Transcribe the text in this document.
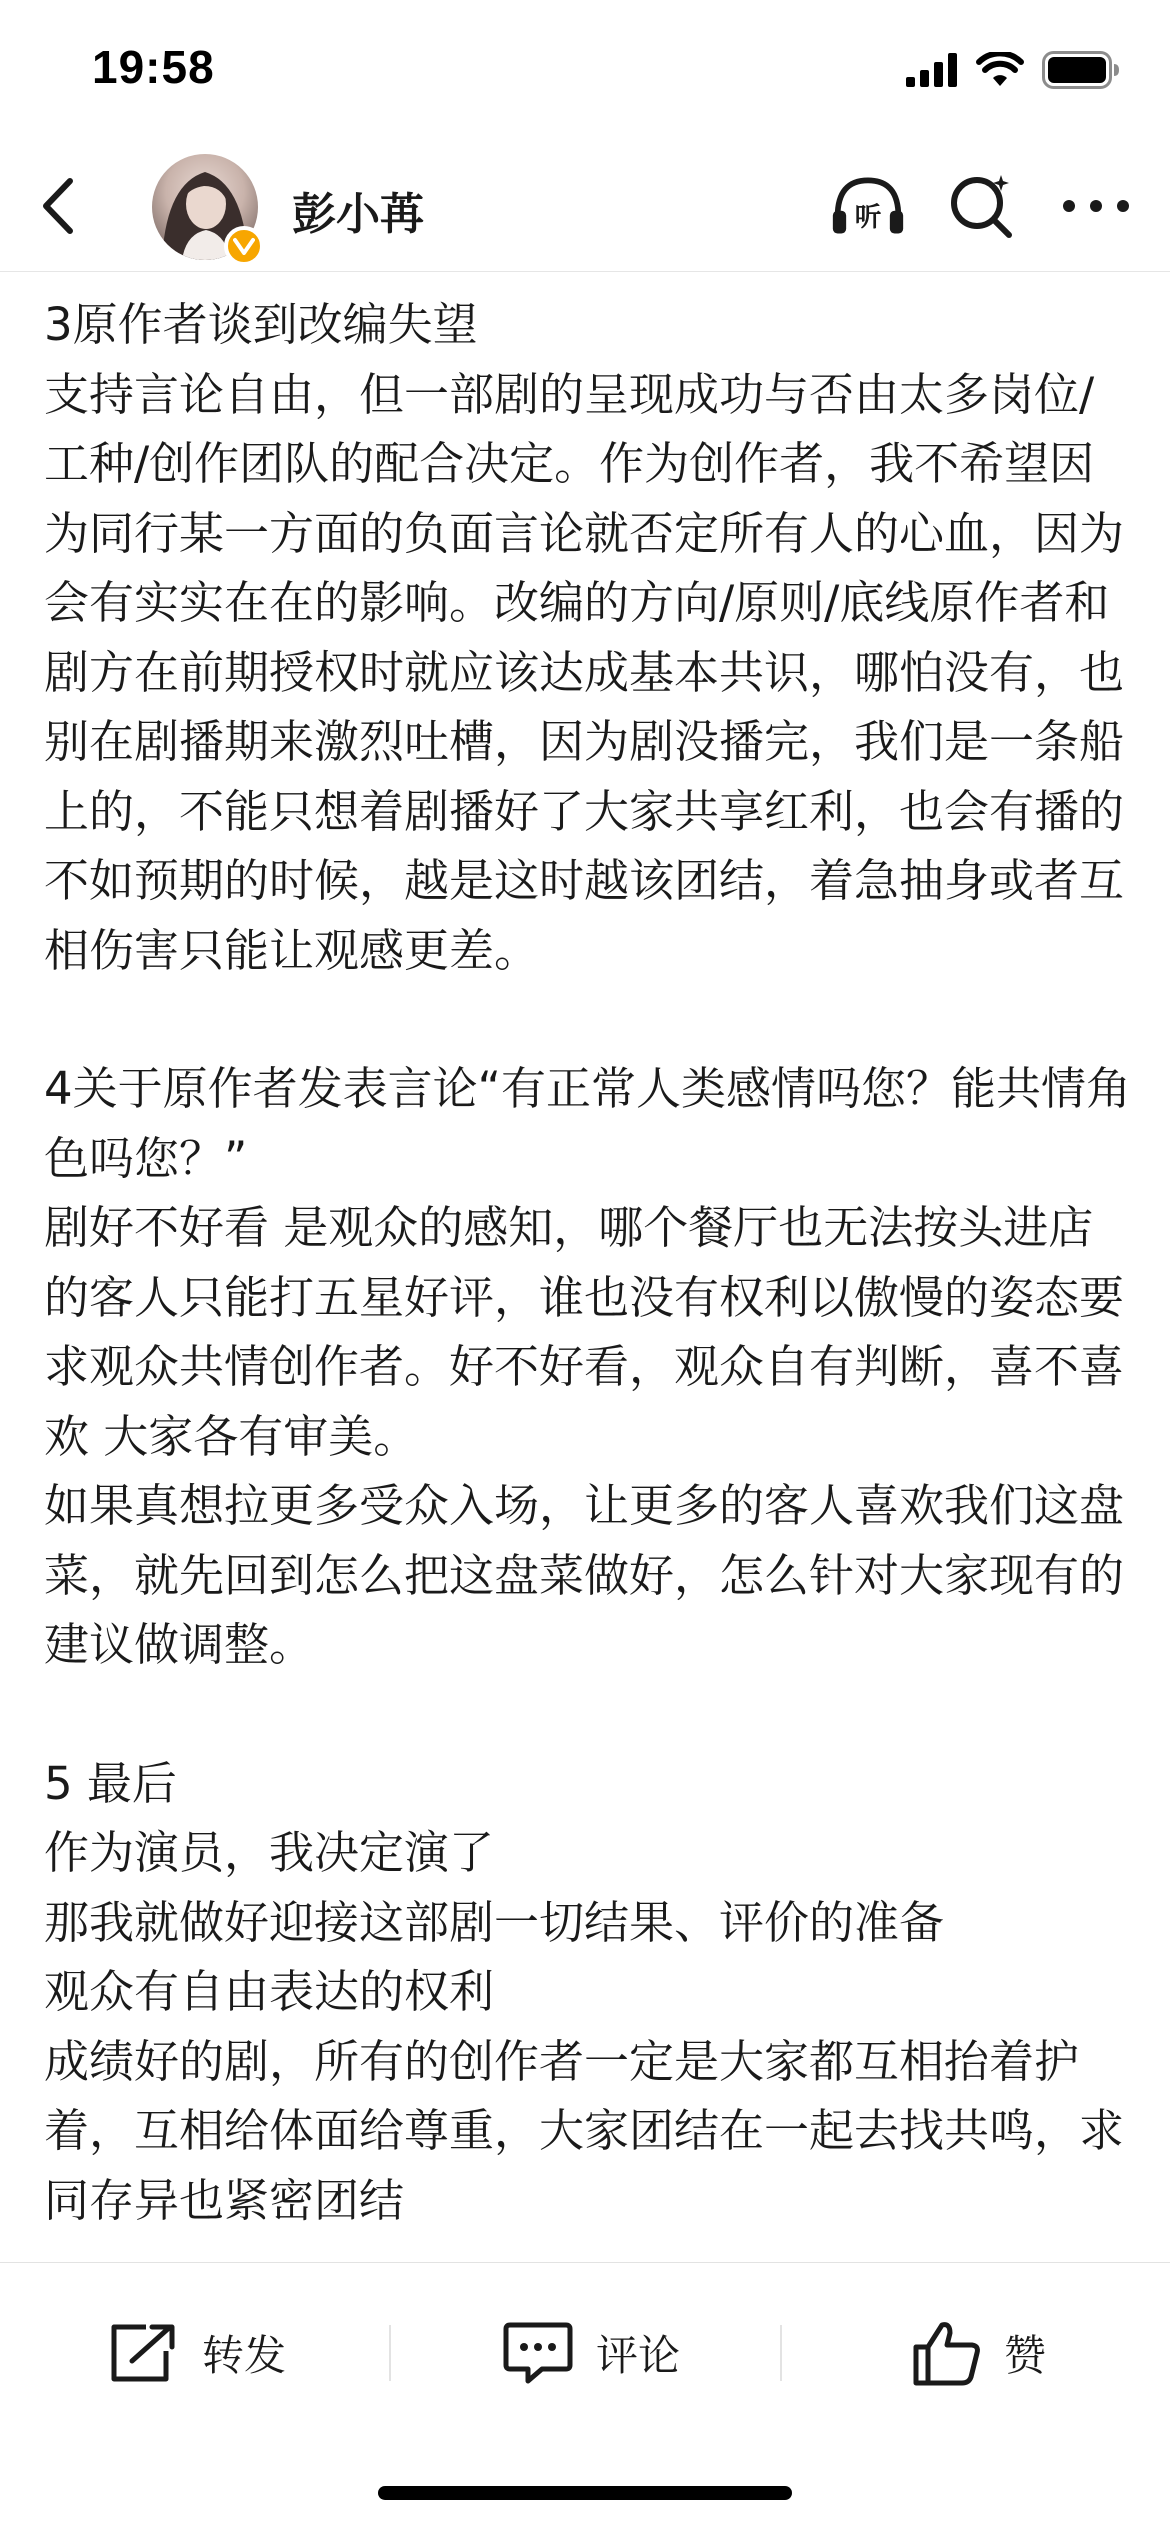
19:58
彭小苒	听

3原作者谈到改编失望

支持言论自由，但一部剧的呈现成功与否由太多岗位/工种/创作团队的配合决定。作为创作者，我不希望因为同行某一方面的负面言论就否定所有人的心血，因为会有实实在在的影响。改编的方向/原则/底线原作者和剧方在前期授权时就应该达成基本共识，哪怕没有，也别在剧播期来激烈吐槽，因为剧没播完，我们是一条船上的，不能只想着剧播好了大家共享红利，也会有播的不如预期的时候，越是这时越该团结，着急抽身或者互相伤害只能让观感更差。

4关于原作者发表言论“有正常人类感情吗您？能共情角色吗您？”

剧好不好看 是观众的感知，哪个餐厅也无法按头进店的客人只能打五星好评，谁也没有权利以傲慢的姿态要求观众共情创作者。好不好看，观众自有判断，喜不喜欢 大家各有审美。

如果真想拉更多受众入场，让更多的客人喜欢我们这盘菜，就先回到怎么把这盘菜做好，怎么针对大家现有的建议做调整。

5 最后

作为演员，我决定演了

那我就做好迎接这部剧一切结果、评价的准备

观众有自由表达的权利

成绩好的剧，所有的创作者一定是大家都互相抬着护着，互相给体面给尊重，大家团结在一起去找共鸣，求同存异也紧密团结

转发	评论	赞
